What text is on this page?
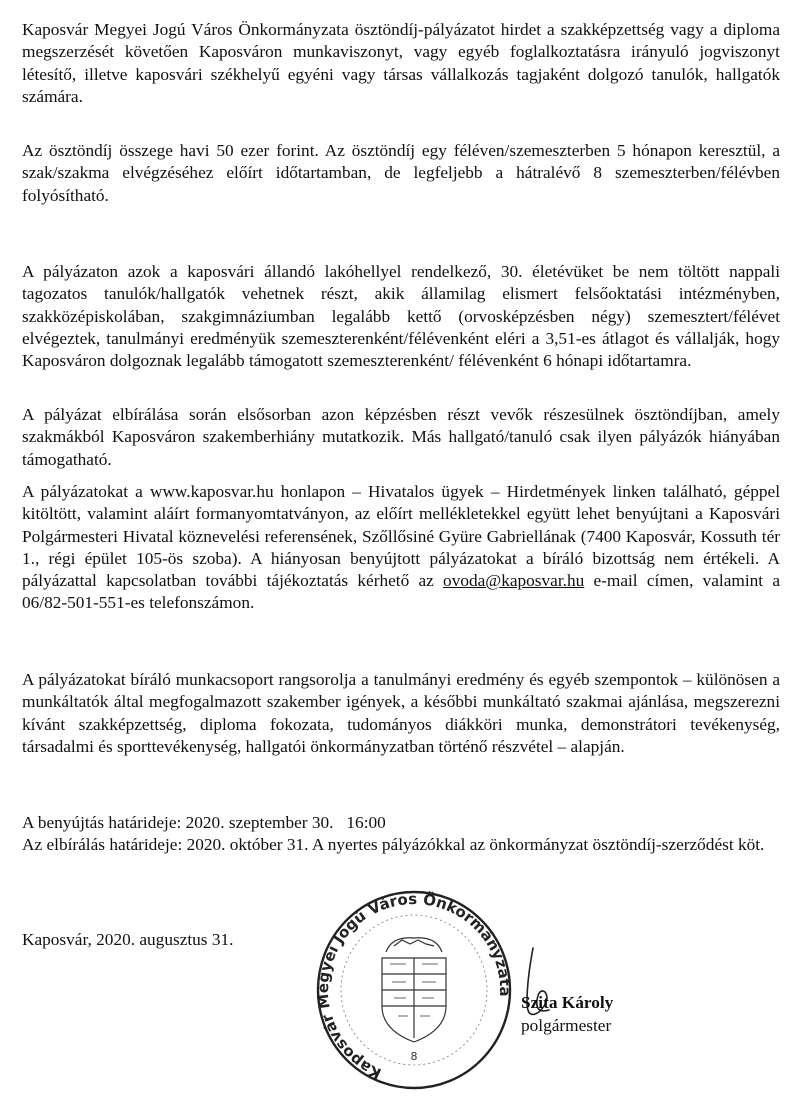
Kaposvár Megyei Jogú Város Önkormányzata ösztöndíj-pályázatot hirdet a szakképzettség vagy a diploma megszerzését követően Kaposváron munkaviszonyt, vagy egyéb foglalkoztatásra irányuló jogviszonyt létesítő, illetve kaposvári székhelyű egyéni vagy társas vállalkozás tagjaként dolgozó tanulók, hallgatók számára.

Az ösztöndíj összege havi 50 ezer forint. Az ösztöndíj egy féléven/szemeszterben 5 hónapon keresztül, a szak/szakma elvégzéséhez előírt időtartamban, de legfeljebb a hátralévő 8 szemeszterben/félévben folyósítható.

A pályázaton azok a kaposvári állandó lakóhellyel rendelkező, 30. életévüket be nem töltött nappali tagozatos tanulók/hallgatók vehetnek részt, akik államilag elismert felsőoktatási intézményben, szakközépiskolában, szakgimnáziumban legalább kettő (orvosképzésben négy) szemesztert/félévet elvégeztek, tanulmányi eredményük szemeszterenként/félévenként eléri a 3,51-es átlagot és vállalják, hogy Kaposváron dolgoznak legalább támogatott szemeszterenként/ félévenként 6 hónapi időtartamra.

A pályázat elbírálása során elsősorban azon képzésben részt vevők részesülnek ösztöndíjban, amely szakmákból Kaposváron szakemberhiány mutatkozik. Más hallgató/tanuló csak ilyen pályázók hiányában támogatható.

A pályázatokat a www.kaposvar.hu honlapon – Hivatalos ügyek – Hirdetmények linken található, géppel kitöltött, valamint aláírt formanyomtatványon, az előírt mellékletekkel együtt lehet benyújtani a Kaposvári Polgármesteri Hivatal köznevelési referensének, Szőllősiné Gyüre Gabriellának (7400 Kaposvár, Kossuth tér 1., régi épület 105-ös szoba). A hiányosan benyújtott pályázatokat a bíráló bizottság nem értékeli. A pályázattal kapcsolatban további tájékoztatás kérhető az ovoda@kaposvar.hu e-mail címen, valamint a 06/82-501-551-es telefonszámon.

A pályázatokat bíráló munkacsoport rangsorolja a tanulmányi eredmény és egyéb szempontok – különösen a munkáltatók által megfogalmazott szakember igények, a későbbi munkáltató szakmai ajánlása, megszerezni kívánt szakképzettség, diploma fokozata, tudományos diákköri munka, demonstrátori tevékenység, társadalmi és sporttevékenység, hallgatói önkormányzatban történő részvétel – alapján.

A benyújtás határideje: 2020. szeptember 30.   16:00

Az elbírálás határideje: 2020. október 31. A nyertes pályázókkal az önkormányzat ösztöndíj-szerződést köt.

Kaposvár, 2020. augusztus 31.
Kaposvár Megyei Jogú Város Önkormányzata
8
Szita Károly
polgármester
